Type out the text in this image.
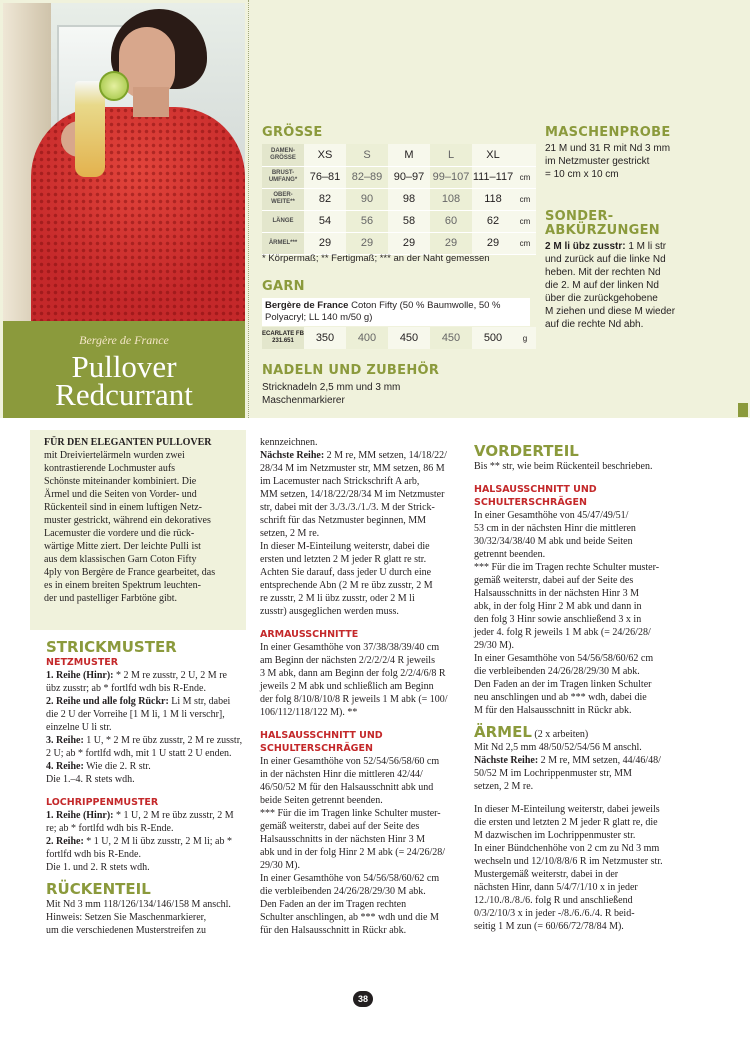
Bergère de France
Pullover
Redcurrant
GRÖSSE
DAMEN-GRÖSSE	XS	S	M	L	XL	
BRUST-UMFANG*	76–81	82–89	90–97	99–107	111–117	cm
OBER-WEITE**	82	90	98	108	118	cm
LÄNGE	54	56	58	60	62	cm
ÄRMEL***	29	29	29	29	29	cm
* Körpermaß; ** Fertigmaß; *** an der Naht gemessen
GARN
Bergère de France Coton Fifty (50 % Baumwolle, 50 % Polyacryl; LL 140 m/50 g)
ECARLATE FB 231.651	350	400	450	450	500	g
NADELN UND ZUBEHÖR
Stricknadeln 2,5 mm und 3 mm
Maschenmarkierer
MASCHENPROBE
21 M und 31 R mit Nd 3 mm
im Netzmuster gestrickt
= 10 cm x 10 cm
SONDER-
ABKÜRZUNGEN
2 M li übz zusstr: 1 M li str
und zurück auf die linke Nd
heben. Mit der rechten Nd
die 2. M auf der linken Nd
über die zurückgehobene
M ziehen und diese M wieder
auf die rechte Nd abh.

FÜR DEN ELEGANTEN PULLOVER

mit Dreiviertelärmeln wurden zwei

kontrastierende Lochmuster aufs

Schönste miteinander kombiniert. Die

Ärmel und die Seiten von Vorder- und

Rückenteil sind in einem luftigen Netz-

muster gestrickt, während ein dekoratives

Lacemuster die vordere und die rück-

wärtige Mitte ziert. Der leichte Pulli ist

aus dem klassischen Garn Coton Fifty

4ply von Bergère de France gearbeitet, das

es in einem breiten Spektrum leuchten-

der und pastelliger Farbtöne gibt.

STRICKMUSTER
NETZMUSTER

1. Reihe (Hinr): * 2 M re zusstr, 2 U, 2 M re

übz zusstr; ab * fortlfd wdh bis R-Ende.

2. Reihe und alle folg Rückr: Li M str, dabei

die 2 U der Vorreihe [1 M li, 1 M li verschr],

einzelne U li str.

3. Reihe: 1 U, * 2 M re übz zusstr, 2 M re zusstr,

2 U; ab * fortlfd wdh, mit 1 U statt 2 U enden.

4. Reihe: Wie die 2. R str.

Die 1.–4. R stets wdh.

LOCHRIPPENMUSTER

1. Reihe (Hinr): * 1 U, 2 M re übz zusstr, 2 M

re; ab * fortlfd wdh bis R-Ende.

2. Reihe: * 1 U, 2 M li übz zusstr, 2 M li; ab *

fortlfd wdh bis R-Ende.

Die 1. und 2. R stets wdh.

RÜCKENTEIL

Mit Nd 3 mm 118/126/134/146/158 M anschl.

Hinweis: Setzen Sie Maschenmarkierer,

um die verschiedenen Musterstreifen zu

kennzeichnen.

Nächste Reihe: 2 M re, MM setzen, 14/18/22/

28/34 M im Netzmuster str, MM setzen, 86 M

im Lacemuster nach Strickschrift A arb,

MM setzen, 14/18/22/28/34 M im Netzmuster

str, dabei mit der 3./3./3./1./3. M der Strick-

schrift für das Netzmuster beginnen, MM

setzen, 2 M re.

In dieser M-Einteilung weiterstr, dabei die

ersten und letzten 2 M jeder R glatt re str.

Achten Sie darauf, dass jeder U durch eine

entsprechende Abn (2 M re übz zusstr, 2 M

re zusstr, 2 M li übz zusstr, oder 2 M li

zusstr) ausgeglichen werden muss.

ARMAUSSCHNITTE

In einer Gesamthöhe von 37/38/38/39/40 cm

am Beginn der nächsten 2/2/2/2/4 R jeweils

3 M abk, dann am Beginn der folg 2/2/4/6/8 R

jeweils 2 M abk und schließlich am Beginn

der folg 8/10/8/10/8 R jeweils 1 M abk (= 100/

106/112/118/122 M). **

HALSAUSSCHNITT UND SCHULTERSCHRÄGEN

In einer Gesamthöhe von 52/54/56/58/60 cm

in der nächsten Hinr die mittleren 42/44/

46/50/52 M für den Halsausschnitt abk und

beide Seiten getrennt beenden.

*** Für die im Tragen linke Schulter muster-

gemäß weiterstr, dabei auf der Seite des

Halsausschnitts in der nächsten Hinr 3 M

abk und in der folg Hinr 2 M abk (= 24/26/28/

29/30 M).

In einer Gesamthöhe von 54/56/58/60/62 cm

die verbleibenden 24/26/28/29/30 M abk.

Den Faden an der im Tragen rechten

Schulter anschlingen, ab *** wdh und die M

für den Halsausschnitt in Rückr abk.

VORDERTEIL

Bis ** str, wie beim Rückenteil beschrieben.

HALSAUSSCHNITT UND SCHULTERSCHRÄGEN

In einer Gesamthöhe von 45/47/49/51/

53 cm in der nächsten Hinr die mittleren

30/32/34/38/40 M abk und beide Seiten

getrennt beenden.

*** Für die im Tragen rechte Schulter muster-

gemäß weiterstr, dabei auf der Seite des

Halsausschnitts in der nächsten Hinr 3 M

abk, in der folg Hinr 2 M abk und dann in

den folg 3 Hinr sowie anschließend 3 x in

jeder 4. folg R jeweils 1 M abk (= 24/26/28/

29/30 M).

In einer Gesamthöhe von 54/56/58/60/62 cm

die verbleibenden 24/26/28/29/30 M abk.

Den Faden an der im Tragen linken Schulter

neu anschlingen und ab *** wdh, dabei die

M für den Halsausschnitt in Rückr abk.

ÄRMEL (2 x arbeiten)

Mit Nd 2,5 mm 48/50/52/54/56 M anschl.

Nächste Reihe: 2 M re, MM setzen, 44/46/48/

50/52 M im Lochrippenmuster str, MM

setzen, 2 M re.

In dieser M-Einteilung weiterstr, dabei jeweils

die ersten und letzten 2 M jeder R glatt re, die

M dazwischen im Lochrippenmuster str.

In einer Bündchenhöhe von 2 cm zu Nd 3 mm

wechseln und 12/10/8/8/6 R im Netzmuster str.

Mustergemäß weiterstr, dabei in der

nächsten Hinr, dann 5/4/7/1/10 x in jeder

12./10./8./8./6. folg R und anschließend

0/3/2/10/3 x in jeder -/8./6./6./4. R beid-

seitig 1 M zun (= 60/66/72/78/84 M).

38
